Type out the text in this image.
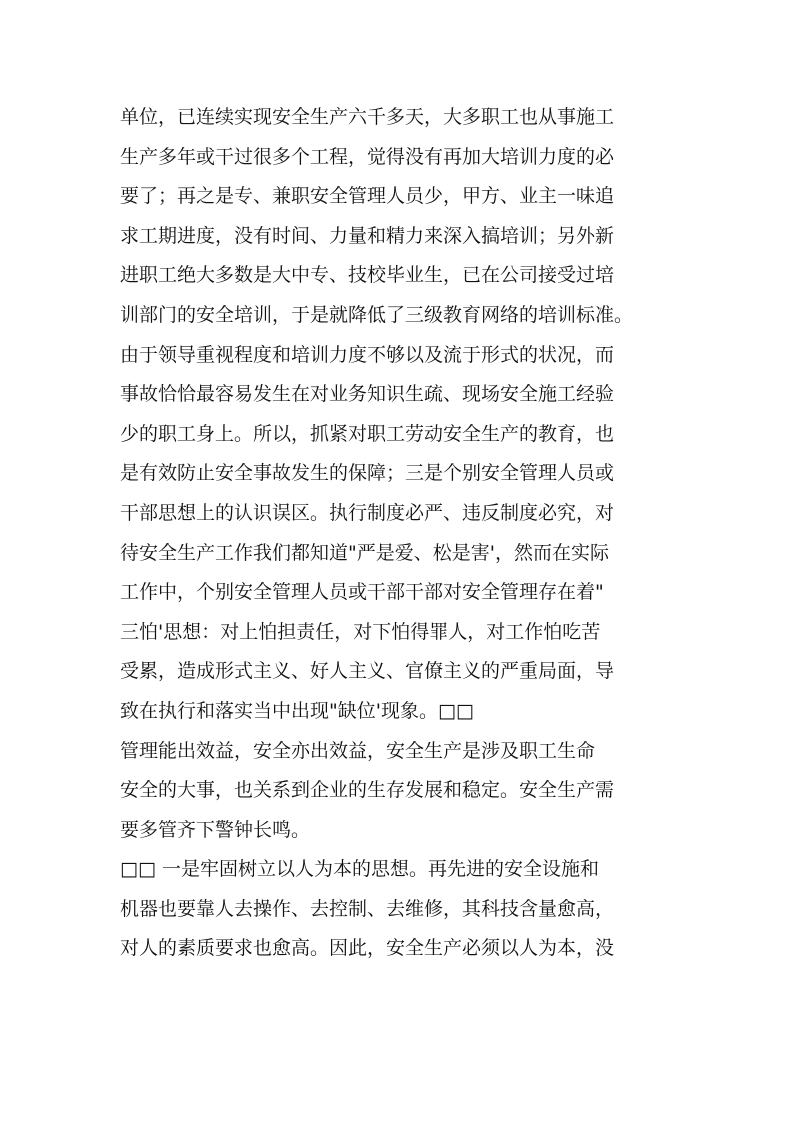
单位，已连续实现安全生产六千多天，大多职工也从事施工
生产多年或干过很多个工程，觉得没有再加大培训力度的必
要了；再之是专、兼职安全管理人员少，甲方、业主一味追
求工期进度，没有时间、力量和精力来深入搞培训；另外新
进职工绝大多数是大中专、技校毕业生，已在公司接受过培
训部门的安全培训，于是就降低了三级教育网络的培训标准。
由于领导重视程度和培训力度不够以及流于形式的状况，而
事故恰恰最容易发生在对业务知识生疏、现场安全施工经验
少的职工身上。所以，抓紧对职工劳动安全生产的教育，也
是有效防止安全事故发生的保障；三是个别安全管理人员或
干部思想上的认识误区。执行制度必严、违反制度必究，对
待安全生产工作我们都知道"严是爱、松是害'，然而在实际
工作中，个别安全管理人员或干部干部对安全管理存在着"
三怕'思想：对上怕担责任，对下怕得罪人，对工作怕吃苦
受累，造成形式主义、好人主义、官僚主义的严重局面，导
致在执行和落实当中出现"缺位'现象。□□
管理能出效益，安全亦出效益，安全生产是涉及职工生命
安全的大事，也关系到企业的生存发展和稳定。安全生产需
要多管齐下警钟长鸣。
□□ 一是牢固树立以人为本的思想。再先进的安全设施和
机器也要靠人去操作、去控制、去维修，其科技含量愈高，
对人的素质要求也愈高。因此，安全生产必须以人为本，没
